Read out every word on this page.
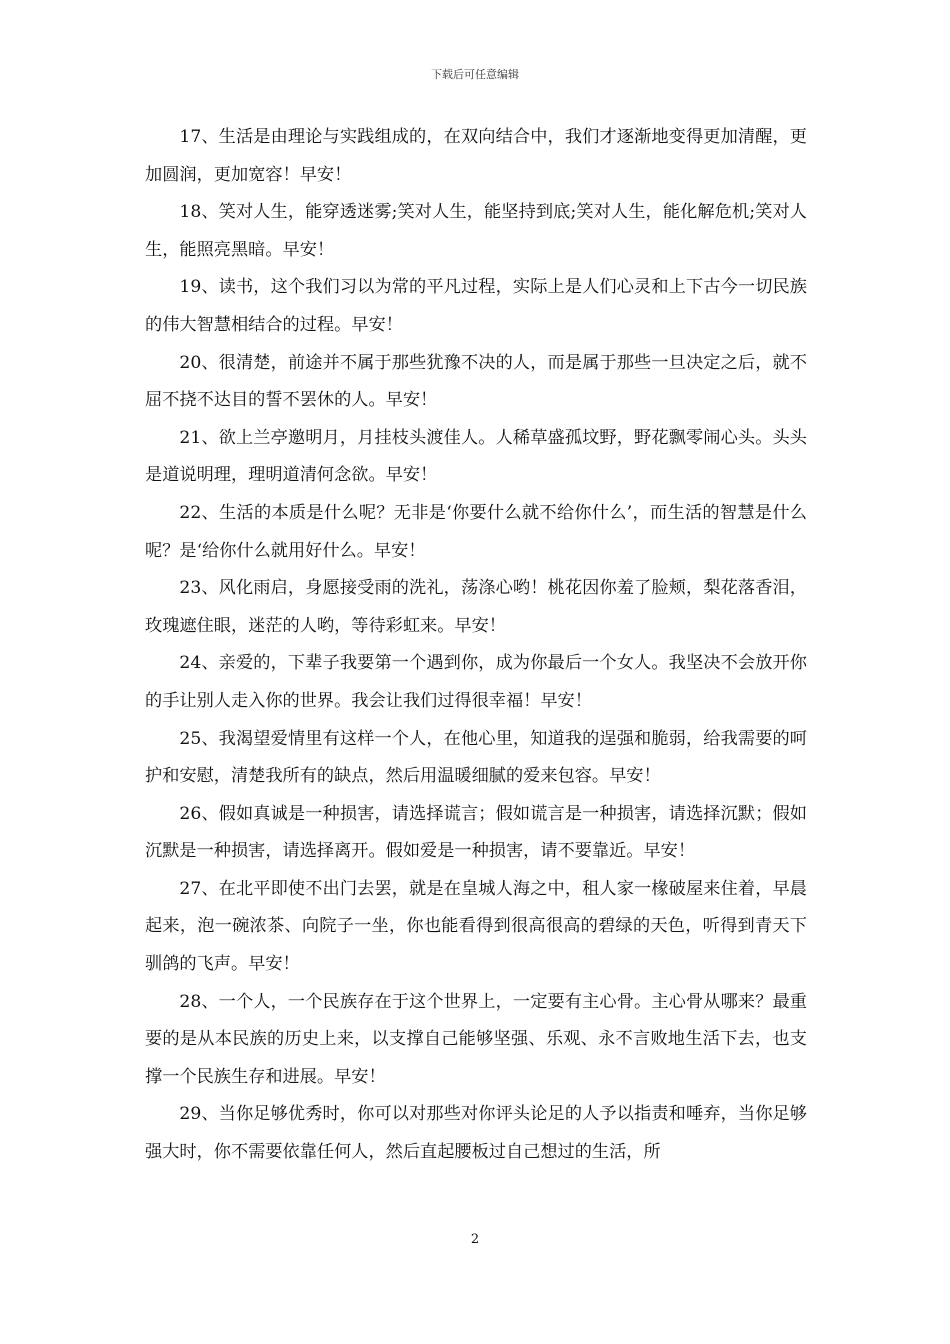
下载后可任意编辑

17、生活是由理论与实践组成的，在双向结合中，我们才逐渐地变得更加清醒，更加圆润，更加宽容！早安！

18、笑对人生，能穿透迷雾;笑对人生，能坚持到底;笑对人生，能化解危机;笑对人生，能照亮黑暗。早安！

19、读书，这个我们习以为常的平凡过程，实际上是人们心灵和上下古今一切民族的伟大智慧相结合的过程。早安！

20、很清楚，前途并不属于那些犹豫不决的人，而是属于那些一旦决定之后，就不屈不挠不达目的誓不罢休的人。早安！

21、欲上兰亭邀明月，月挂枝头渡佳人。人稀草盛孤坟野，野花飘零闹心头。头头是道说明理，理明道清何念欲。早安！

22、生活的本质是什么呢？无非是‘你要什么就不给你什么’，而生活的智慧是什么呢？是‘给你什么就用好什么。早安！

23、风化雨启，身愿接受雨的洗礼，荡涤心哟！桃花因你羞了脸颊，梨花落香泪，玫瑰遮住眼，迷茫的人哟，等待彩虹来。早安！

24、亲爱的，下辈子我要第一个遇到你，成为你最后一个女人。我坚决不会放开你的手让别人走入你的世界。我会让我们过得很幸福！早安！

25、我渴望爱情里有这样一个人，在他心里，知道我的逞强和脆弱，给我需要的呵护和安慰，清楚我所有的缺点，然后用温暖细腻的爱来包容。早安！

26、假如真诚是一种损害，请选择谎言；假如谎言是一种损害，请选择沉默；假如沉默是一种损害，请选择离开。假如爱是一种损害，请不要靠近。早安！

27、在北平即使不出门去罢，就是在皇城人海之中，租人家一椽破屋来住着，早晨起来，泡一碗浓茶、向院子一坐，你也能看得到很高很高的碧绿的天色，听得到青天下驯鸽的飞声。早安！

28、一个人，一个民族存在于这个世界上，一定要有主心骨。主心骨从哪来？最重要的是从本民族的历史上来，以支撑自己能够坚强、乐观、永不言败地生活下去，也支撑一个民族生存和进展。早安！

29、当你足够优秀时，你可以对那些对你评头论足的人予以指责和唾弃，当你足够强大时，你不需要依靠任何人，然后直起腰板过自己想过的生活，所

2
